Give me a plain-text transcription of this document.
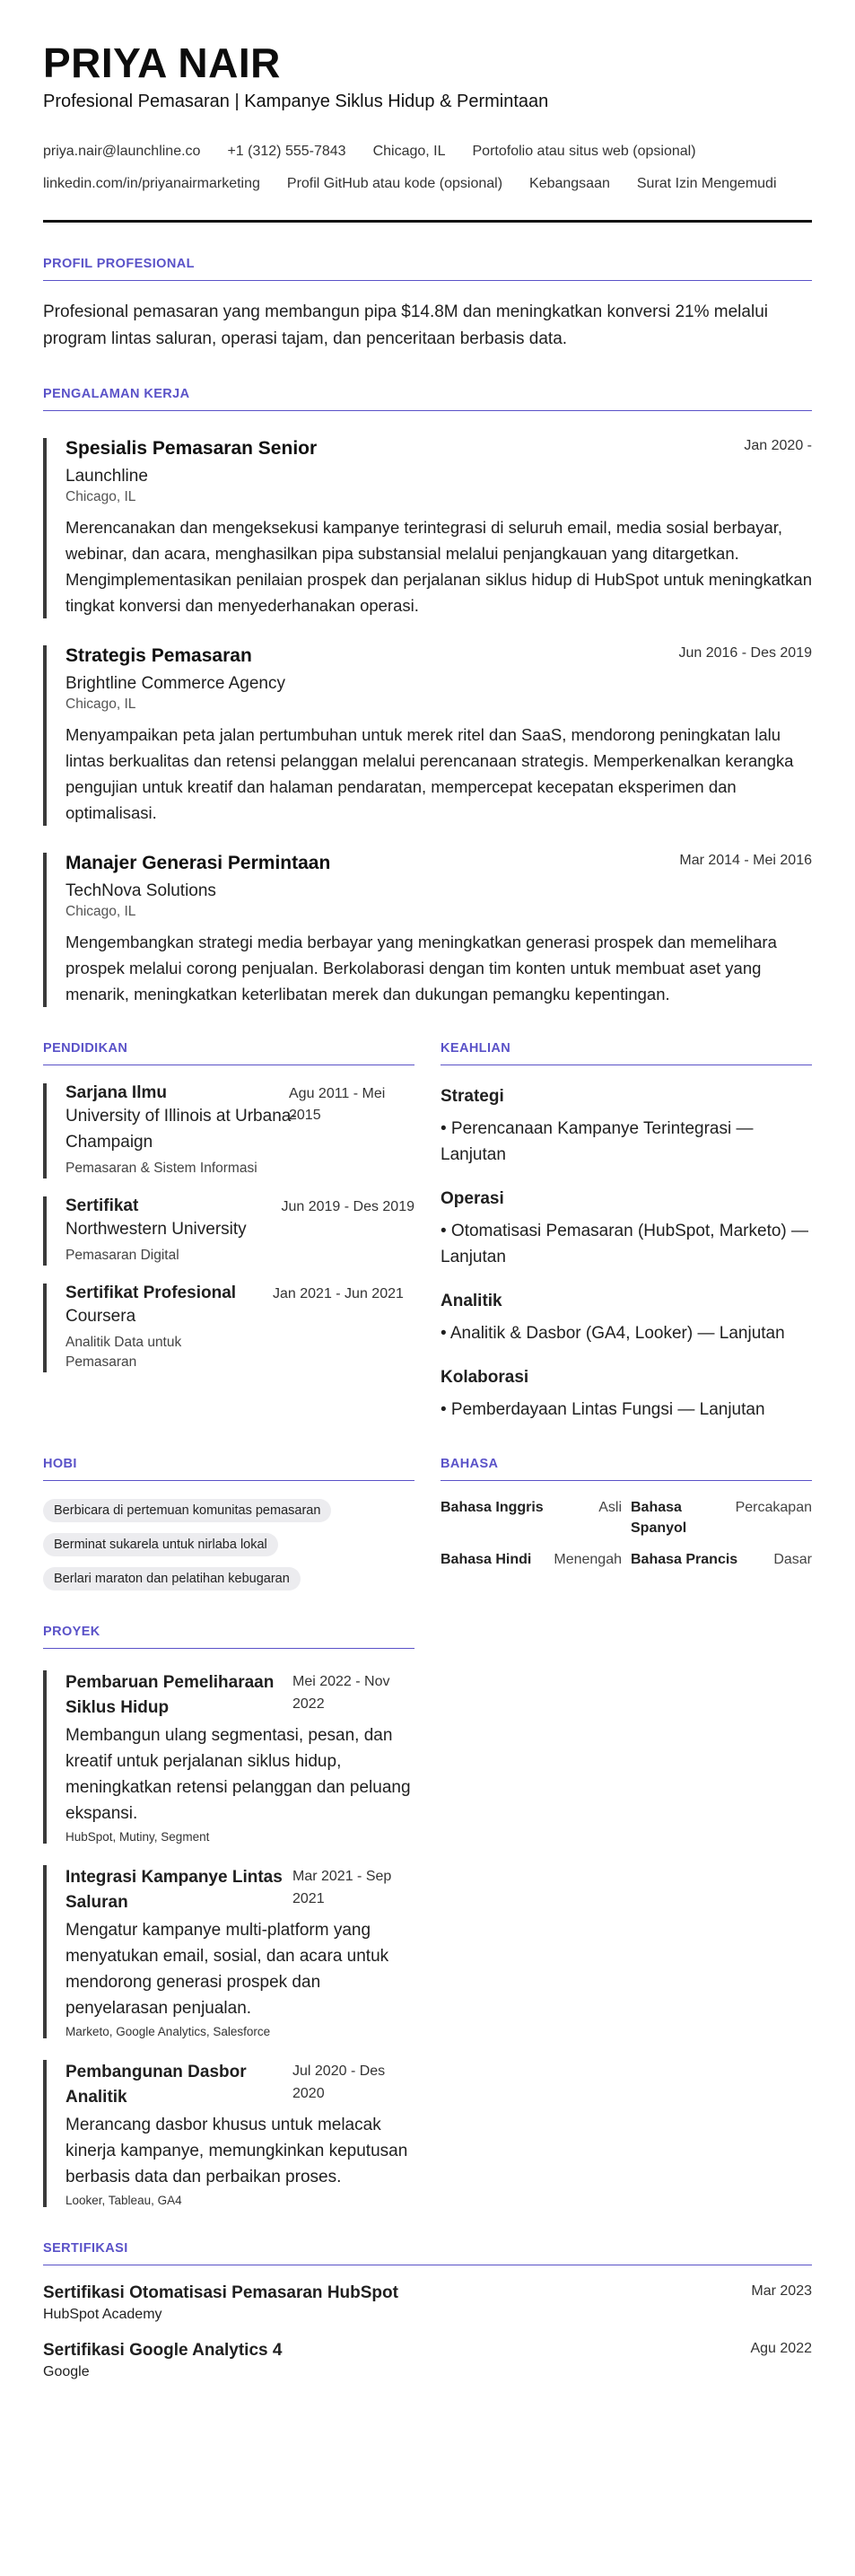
PRIYA NAIR
Profesional Pemasaran | Kampanye Siklus Hidup & Permintaan
priya.nair@launchline.co +1 (312) 555-7843 Chicago, IL Portofolio atau situs web (opsional)
linkedin.com/in/priyanairmarketing Profil GitHub atau kode (opsional) Kebangsaan Surat Izin Mengemudi
PROFIL PROFESIONAL
Profesional pemasaran yang membangun pipa $14.8M dan meningkatkan konversi 21% melalui program lintas saluran, operasi tajam, dan penceritaan berbasis data.
PENGALAMAN KERJA
Jan 2020 -
Spesialis Pemasaran Senior
Launchline
Chicago, IL
Merencanakan dan mengeksekusi kampanye terintegrasi di seluruh email, media sosial berbayar, webinar, dan acara, menghasilkan pipa substansial melalui penjangkauan yang ditargetkan. Mengimplementasikan penilaian prospek dan perjalanan siklus hidup di HubSpot untuk meningkatkan tingkat konversi dan menyederhanakan operasi.
Jun 2016 - Des 2019
Strategis Pemasaran
Brightline Commerce Agency
Chicago, IL
Menyampaikan peta jalan pertumbuhan untuk merek ritel dan SaaS, mendorong peningkatan lalu lintas berkualitas dan retensi pelanggan melalui perencanaan strategis. Memperkenalkan kerangka pengujian untuk kreatif dan halaman pendaratan, mempercepat kecepatan eksperimen dan optimalisasi.
Mar 2014 - Mei 2016
Manajer Generasi Permintaan
TechNova Solutions
Chicago, IL
Mengembangkan strategi media berbayar yang meningkatkan generasi prospek dan memelihara prospek melalui corong penjualan. Berkolaborasi dengan tim konten untuk membuat aset yang menarik, meningkatkan keterlibatan merek dan dukungan pemangku kepentingan.
PENDIDIKAN
Agu 2011 - Mei 2015
Sarjana Ilmu
University of Illinois at Urbana-Champaign
Pemasaran & Sistem Informasi
Jun 2019 - Des 2019
Sertifikat
Northwestern University
Pemasaran Digital
Jan 2021 - Jun 2021
Sertifikat Profesional
Coursera
Analitik Data untuk Pemasaran
KEAHLIAN
Strategi
• Perencanaan Kampanye Terintegrasi — Lanjutan
Operasi
• Otomatisasi Pemasaran (HubSpot, Marketo) — Lanjutan
Analitik
• Analitik & Dasbor (GA4, Looker) — Lanjutan
Kolaborasi
• Pemberdayaan Lintas Fungsi — Lanjutan
HOBI
Berbicara di pertemuan komunitas pemasaran
Berminat sukarela untuk nirlaba lokal
Berlari maraton dan pelatihan kebugaran
BAHASA
Bahasa Inggris	Asli Bahasa Spanyol
Percakapan
Bahasa Hindi Menengah Bahasa Prancis	Dasar
PROYEK
Mei 2022 - Nov 2022
Pembaruan Pemeliharaan Siklus Hidup
Membangun ulang segmentasi, pesan, dan kreatif untuk perjalanan siklus hidup, meningkatkan retensi pelanggan dan peluang ekspansi.
HubSpot, Mutiny, Segment
Mar 2021 - Sep 2021
Integrasi Kampanye Lintas Saluran
Mengatur kampanye multi-platform yang menyatukan email, sosial, dan acara untuk mendorong generasi prospek dan penyelarasan penjualan.
Marketo, Google Analytics, Salesforce
Jul 2020 - Des 2020
Pembangunan Dasbor Analitik
Merancang dasbor khusus untuk melacak kinerja kampanye, memungkinkan keputusan berbasis data dan perbaikan proses.
Looker, Tableau, GA4
SERTIFIKASI
Mar 2023
Sertifikasi Otomatisasi Pemasaran HubSpot
HubSpot Academy
Agu 2022
Sertifikasi Google Analytics 4
Google
